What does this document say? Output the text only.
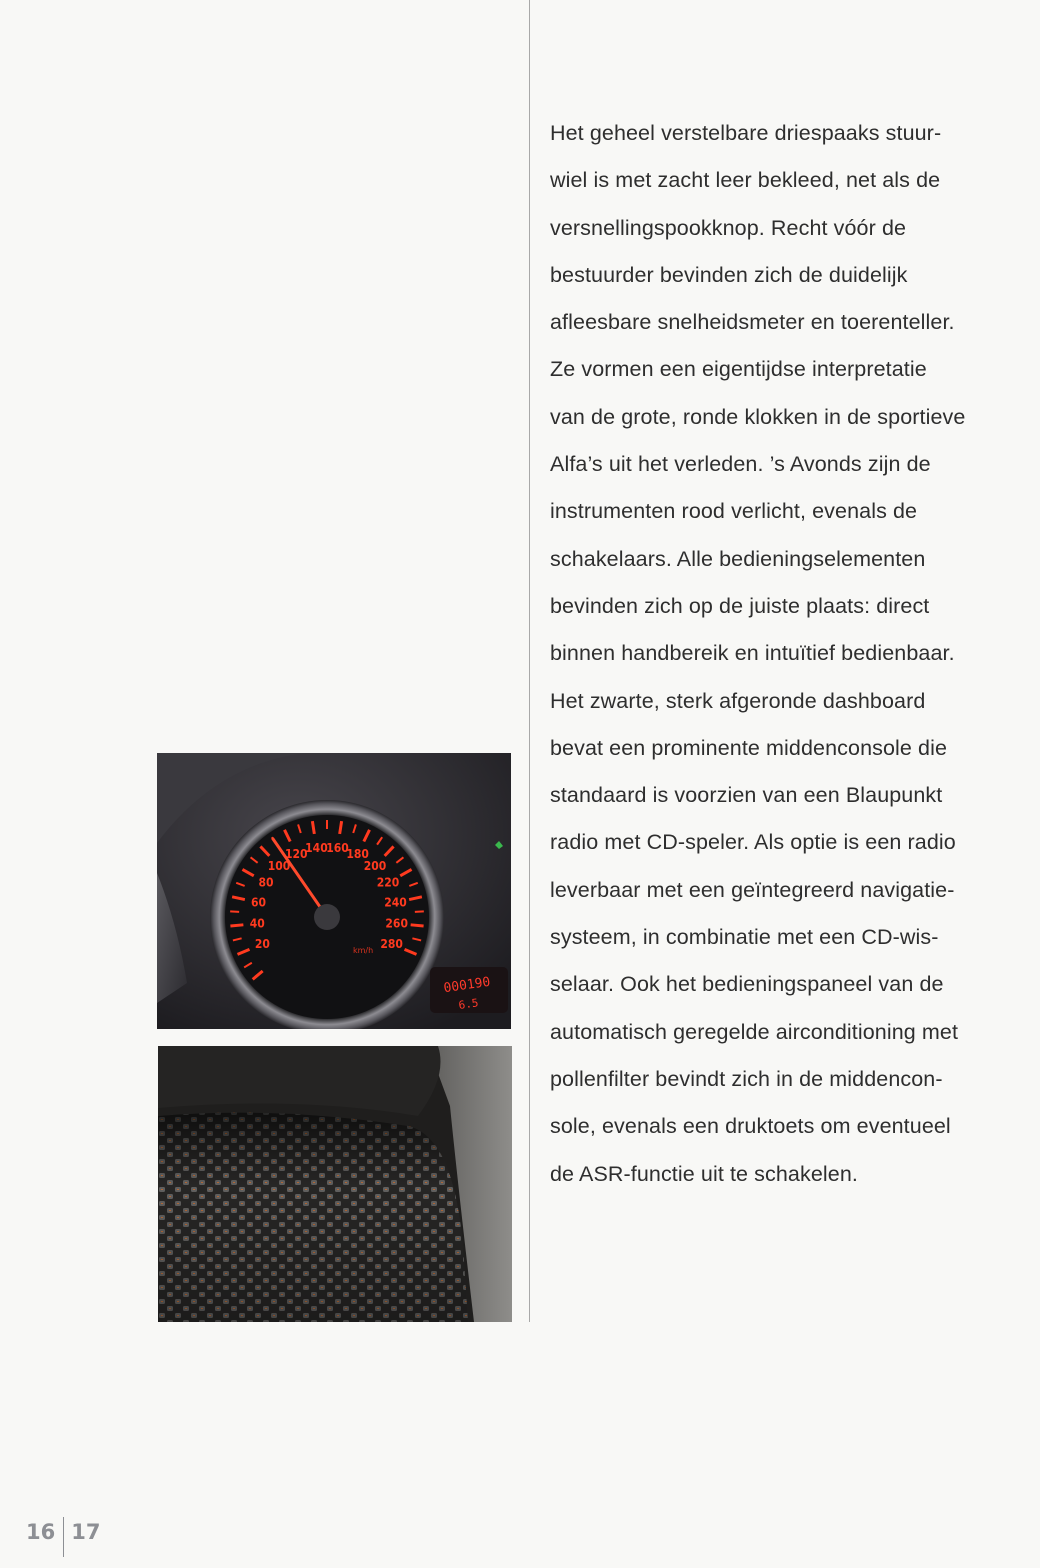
Het geheel verstelbare driespaaks stuur-
wiel is met zacht leer bekleed, net als de
versnellingspookknop. Recht vóór de
bestuurder bevinden zich de duidelijk
afleesbare snelheidsmeter en toerenteller.
Ze vormen een eigentijdse interpretatie
van de grote, ronde klokken in de sportieve
Alfa’s uit het verleden. ’s Avonds zijn de
instrumenten rood verlicht, evenals de
schakelaars. Alle bedieningselementen
bevinden zich op de juiste plaats: direct
binnen handbereik en intuïtief bedienbaar.
Het zwarte, sterk afgeronde dashboard
bevat een prominente middenconsole die
standaard is voorzien van een Blaupunkt
radio met CD-speler. Als optie is een radio
leverbaar met een geïntegreerd navigatie-
systeem, in combinatie met een CD-wis-
selaar. Ook het bedieningspaneel van de
automatisch geregelde airconditioning met
pollenfilter bevindt zich in de middencon-
sole, evenals een druktoets om eventueel
de ASR-functie uit te schakelen.
20
40
60
80
100
120
140
160
180
200
220
240
260
280
km/h
000190
6.5
16 17
